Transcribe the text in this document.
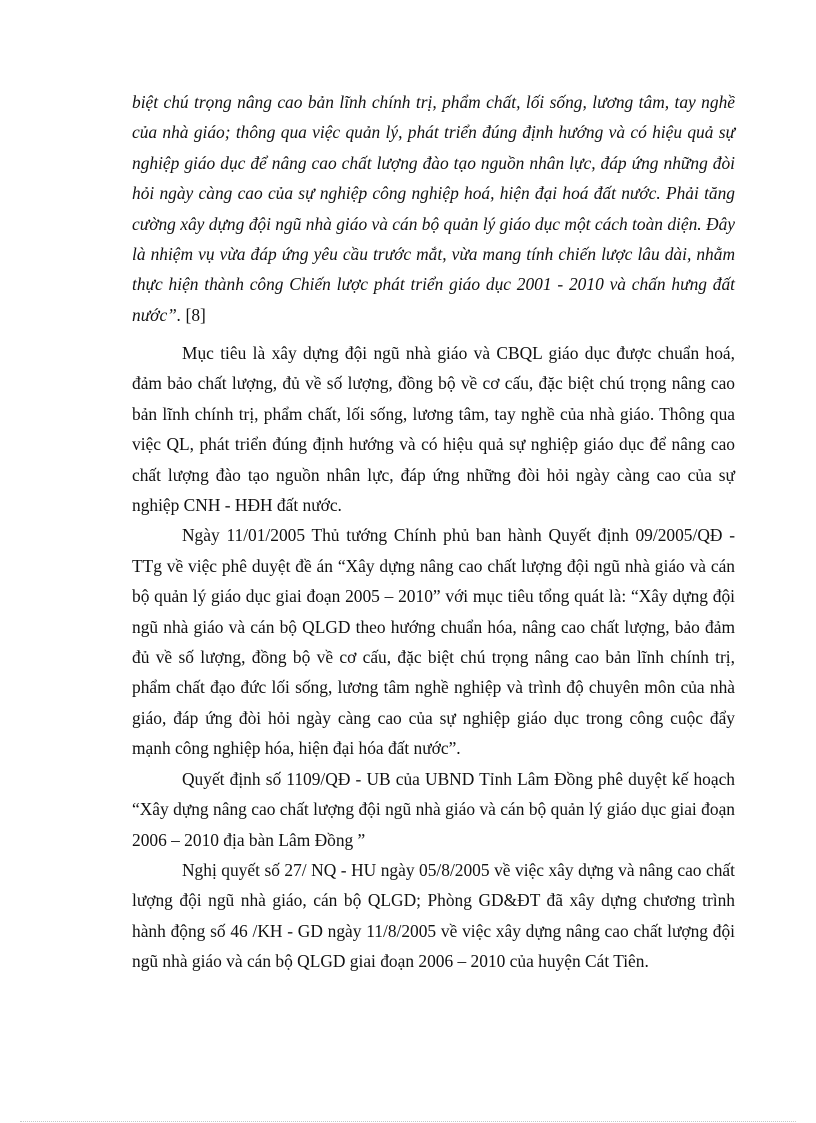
biệt chú trọng nâng cao bản lĩnh chính trị, phẩm chất, lối sống, lương tâm, tay nghề của nhà giáo; thông qua việc quản lý, phát triển đúng định hướng và có hiệu quả sự nghiệp giáo dục để nâng cao chất lượng đào tạo nguồn nhân lực, đáp ứng những đòi hỏi ngày càng cao của sự nghiệp công nghiệp hoá, hiện đại hoá đất nước. Phải tăng cường xây dựng đội ngũ nhà giáo và cán bộ quản lý giáo dục một cách toàn diện. Đây là nhiệm vụ vừa đáp ứng yêu cầu trước mắt, vừa mang tính chiến lược lâu dài, nhằm thực hiện thành công Chiến lược phát triển giáo dục 2001 - 2010 và chấn hưng đất nước”. [8]

Mục tiêu là xây dựng đội ngũ nhà giáo và CBQL giáo dục được chuẩn hoá, đảm bảo chất lượng, đủ về số lượng, đồng bộ về cơ cấu, đặc biệt chú trọng nâng cao bản lĩnh chính trị, phẩm chất, lối sống, lương tâm, tay nghề của nhà giáo. Thông qua việc QL, phát triển đúng định hướng và có hiệu quả sự nghiệp giáo dục để nâng cao chất lượng đào tạo nguồn nhân lực, đáp ứng những đòi hỏi ngày càng cao của sự nghiệp CNH - HĐH đất nước.

Ngày 11/01/2005 Thủ tướng Chính phủ ban hành Quyết định 09/2005/QĐ - TTg về việc phê duyệt đề án “Xây dựng nâng cao chất lượng đội ngũ nhà giáo và cán bộ quản lý giáo dục giai đoạn 2005 – 2010” với mục tiêu tổng quát là: “Xây dựng đội ngũ nhà giáo và cán bộ QLGD theo hướng chuẩn hóa, nâng cao chất lượng, bảo đảm đủ về số lượng, đồng bộ về cơ cấu, đặc biệt chú trọng nâng cao bản lĩnh chính trị, phẩm chất đạo đức lối sống, lương tâm nghề nghiệp và trình độ chuyên môn của nhà giáo, đáp ứng đòi hỏi ngày càng cao của sự nghiệp giáo dục trong công cuộc đẩy mạnh công nghiệp hóa, hiện đại hóa đất nước”.

Quyết định số 1109/QĐ - UB của UBND Tỉnh Lâm Đồng phê duyệt kế hoạch “Xây dựng nâng cao chất lượng đội ngũ nhà giáo và cán bộ quản lý giáo dục giai đoạn 2006 – 2010 địa bàn Lâm Đồng ”

Nghị quyết số 27/ NQ - HU ngày 05/8/2005 về việc xây dựng và nâng cao chất lượng đội ngũ nhà giáo, cán bộ QLGD; Phòng GD&ĐT đã xây dựng chương trình hành động số 46 /KH - GD ngày 11/8/2005 về việc xây dựng nâng cao chất lượng đội ngũ nhà giáo và cán bộ QLGD giai đoạn 2006 – 2010 của huyện Cát Tiên.
